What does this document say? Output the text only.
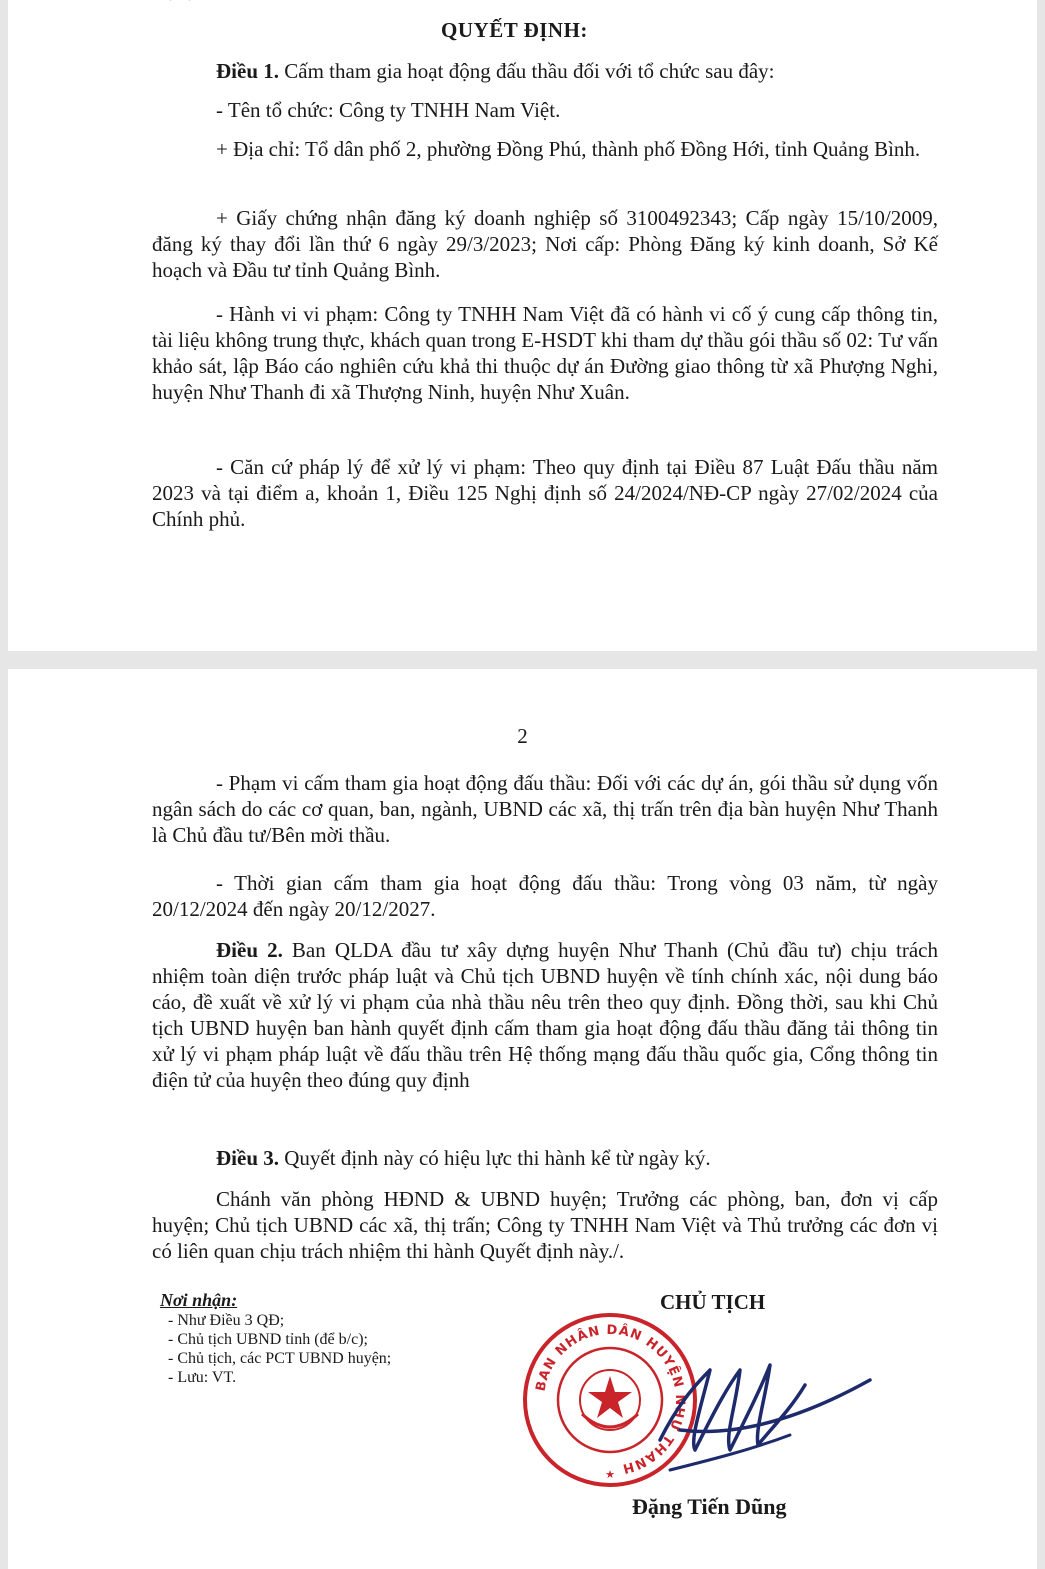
QUYẾT ĐỊNH:

Điều 1. Cấm tham gia hoạt động đấu thầu đối với tổ chức sau đây:

- Tên tổ chức: Công ty TNHH Nam Việt.

+ Địa chỉ: Tổ dân phố 2, phường Đồng Phú, thành phố Đồng Hới, tỉnh Quảng Bình.

+ Giấy chứng nhận đăng ký doanh nghiệp số 3100492343; Cấp ngày 15/10/2009, đăng ký thay đổi lần thứ 6 ngày 29/3/2023; Nơi cấp: Phòng Đăng ký kinh doanh, Sở Kế hoạch và Đầu tư tỉnh Quảng Bình.

- Hành vi vi phạm: Công ty TNHH Nam Việt đã có hành vi cố ý cung cấp thông tin, tài liệu không trung thực, khách quan trong E-HSDT khi tham dự thầu gói thầu số 02: Tư vấn khảo sát, lập Báo cáo nghiên cứu khả thi thuộc dự án Đường giao thông từ xã Phượng Nghi, huyện Như Thanh đi xã Thượng Ninh, huyện Như Xuân.

- Căn cứ pháp lý để xử lý vi phạm: Theo quy định tại Điều 87 Luật Đấu thầu năm 2023 và tại điểm a, khoản 1, Điều 125 Nghị định số 24/2024/NĐ-CP ngày 27/02/2024 của Chính phủ.

2

- Phạm vi cấm tham gia hoạt động đấu thầu: Đối với các dự án, gói thầu sử dụng vốn ngân sách do các cơ quan, ban, ngành, UBND các xã, thị trấn trên địa bàn huyện Như Thanh là Chủ đầu tư/Bên mời thầu.

- Thời gian cấm tham gia hoạt động đấu thầu: Trong vòng 03 năm, từ ngày 20/12/2024 đến ngày 20/12/2027.

Điều 2. Ban QLDA đầu tư xây dựng huyện Như Thanh (Chủ đầu tư) chịu trách nhiệm toàn diện trước pháp luật và Chủ tịch UBND huyện về tính chính xác, nội dung báo cáo, đề xuất về xử lý vi phạm của nhà thầu nêu trên theo quy định. Đồng thời, sau khi Chủ tịch UBND huyện ban hành quyết định cấm tham gia hoạt động đấu thầu đăng tải thông tin xử lý vi phạm pháp luật về đấu thầu trên Hệ thống mạng đấu thầu quốc gia, Cổng thông tin điện tử của huyện theo đúng quy định

Điều 3. Quyết định này có hiệu lực thi hành kể từ ngày ký.

Chánh văn phòng HĐND & UBND huyện; Trưởng các phòng, ban, đơn vị cấp huyện; Chủ tịch UBND các xã, thị trấn; Công ty TNHH Nam Việt và Thủ trưởng các đơn vị có liên quan chịu trách nhiệm thi hành Quyết định này./.

Nơi nhận:
- Như Điều 3 QĐ;
- Chủ tịch UBND tỉnh (để b/c);
- Chủ tịch, các PCT UBND huyện;
- Lưu: VT.
CHỦ TỊCH
BAN NHÂN DÂN HUYỆN NHƯ THANH
★
Đặng Tiến Dũng
